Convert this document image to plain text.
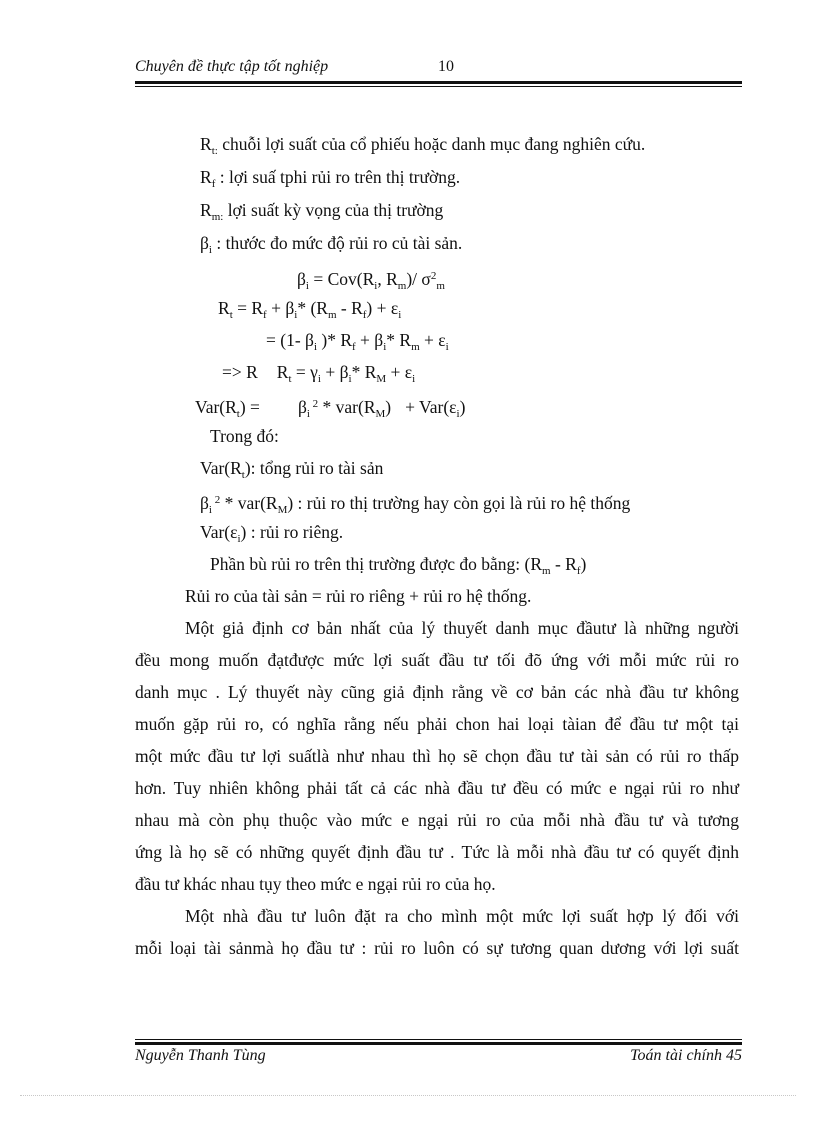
Chuyên đề thực tập tốt nghiệp	10
$R_{t:}$ chuỗi lợi suất của cổ phiếu hoặc danh mục đang nghiên cứu.
$R_f$ : lợi suấ tphi rủi ro trên thị trường.
$R_{m:}$ lợi suất kỳ vọng của thị trường
$\beta_i$ : thước đo mức độ rủi ro củ tài sản.
$\beta_i = Cov(R_i$, $R_m)/$ $\sigma^2_m$
$R_t = R_f + \beta_i*$ $(R_m - R_f) + \varepsilon_i$
= (1- $\beta_i$ )* $R_f + \beta_i*$ $R_m + \varepsilon_i$
=> R $R_t = \gamma_i + \beta_i*$ $R_M + \varepsilon_i$
$Var(R_t) = \beta_i$ $^2 * var(R_M) + Var(\varepsilon_i)$
Trong đó:
$Var(R_t)$: tổng rủi ro tài sản
$\beta_i$ $^2 * var(R_M)$ : rủi ro thị trường hay còn gọi là rủi ro hệ thống
$Var(\varepsilon_i)$ : rủi ro riêng.
Phần bù rủi ro trên thị trường được đo bằng: $(R_m - R_f)$
Rủi ro của tài sản = rủi ro riêng + rủi ro hệ thống.
Một giả định cơ bản nhất của lý thuyết danh mục đầutư là những người
đều mong muốn đạtđược mức lợi suất đầu tư tối đõ ứng với mỗi mức rủi ro
danh mục . Lý thuyết này cũng giả định rằng về cơ bản các nhà đầu tư không
muốn gặp rủi ro, có nghĩa rằng nếu phải chon hai loại tàian để đầu tư một tại
một mức đầu tư lợi suấtlà như nhau thì họ sẽ chọn đầu tư tài sản có rủi ro thấp
hơn. Tuy nhiên không phải tất cả các nhà đầu tư đều có mức e ngại rủi ro như
nhau mà còn phụ thuộc vào mức e ngại rủi ro của mỗi nhà đầu tư và tương
ứng là họ sẽ có những quyết định đầu tư . Tức là mỗi nhà đầu tư có quyết định
đầu tư khác nhau tụy theo mức e ngại rủi ro của họ.
Một nhà đầu tư luôn đặt ra cho mình một mức lợi suất hợp lý đối với
mỗi loại tài sảnmà họ đầu tư : rủi ro luôn có sự tương quan dương với lợi suất
Nguyễn Thanh Tùng	Toán tài chính 45
